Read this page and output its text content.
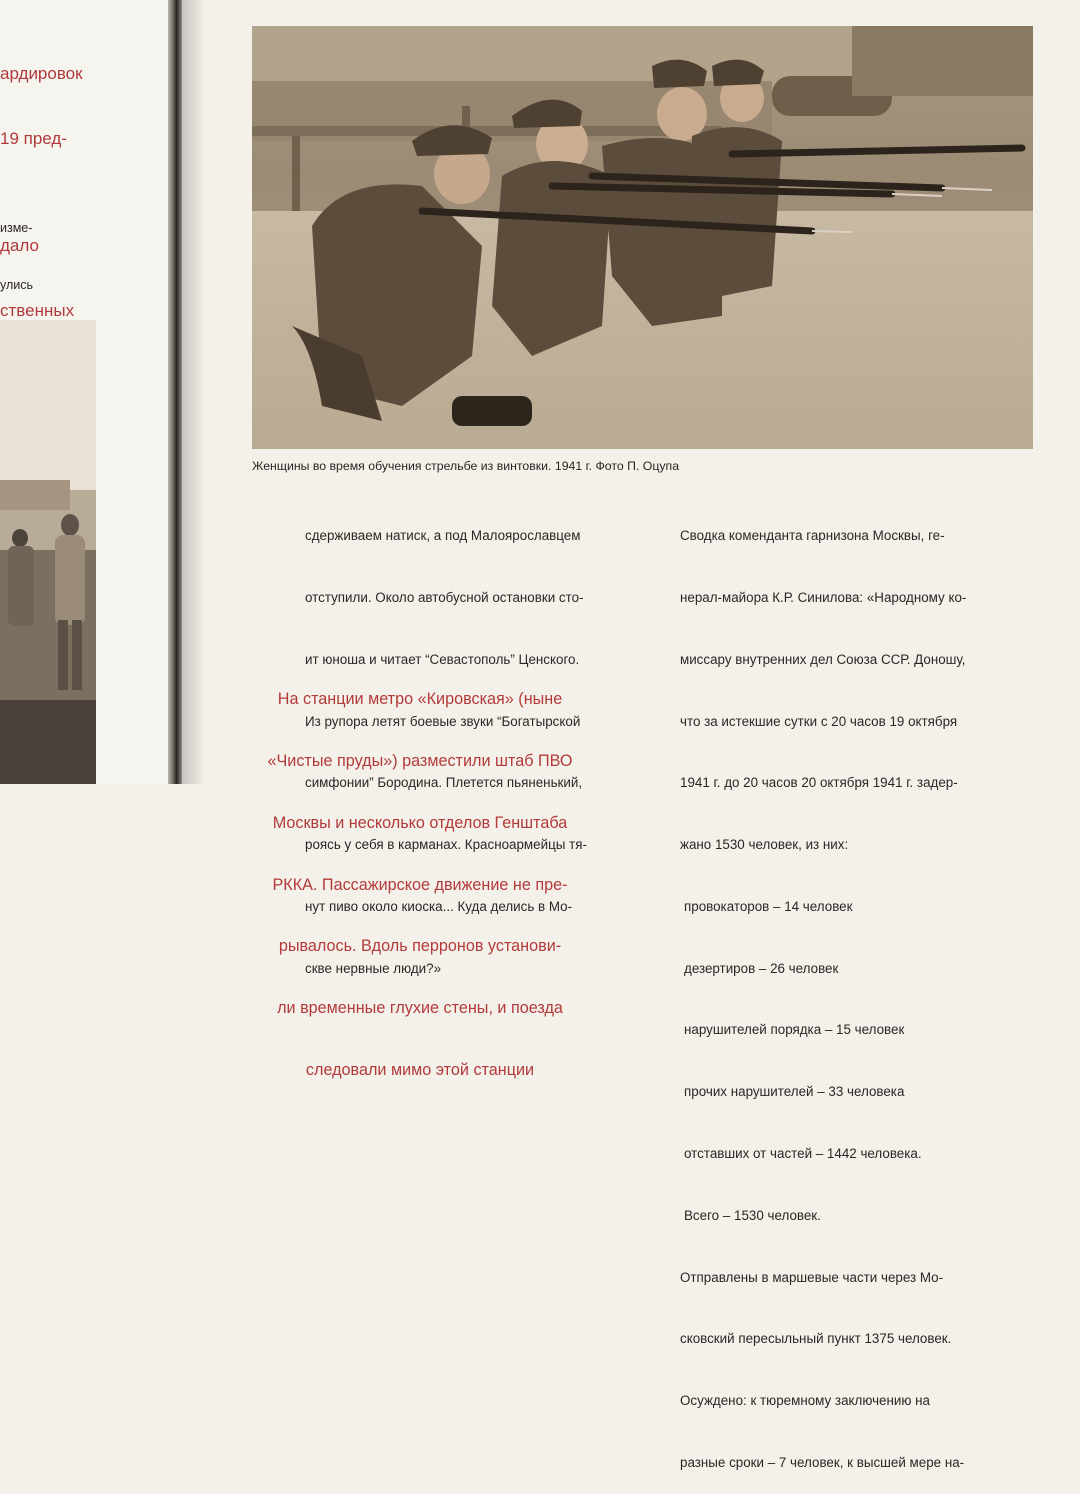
ардировок

19 пред-

дало

ственных

изме-

улись

Женщины во время обучения стрельбе из винтовки. 1941 г. Фото П. Оцупа

сдерживаем натиск, а под Малоярославцем

отступили. Около автобусной остановки сто-

ит юноша и читает “Севастополь” Ценского.

Из рупора летят боевые звуки “Богатырской

симфонии” Бородина. Плетется пьяненький,

роясь у себя в карманах. Красноармейцы тя-

нут пиво около киоска... Куда делись в Мо-

скве нервные люди?»

На станции метро «Кировская» (ныне

«Чистые пруды») разместили штаб ПВО

Москвы и несколько отделов Генштаба

РККА. Пассажирское движение не пре-

рывалось. Вдоль перронов установи-

ли временные глухие стены, и поезда

следовали мимо этой станции

Сводка коменданта гарнизона Москвы, ге-

нерал-майора К.Р. Синилова: «Народному ко-

миссару внутренних дел Союза ССР. Доношу,

что за истекшие сутки с 20 часов 19 октября

1941 г. до 20 часов 20 октября 1941 г. задер-

жано 1530 человек, из них:

провокаторов – 14 человек

дезертиров – 26 человек

нарушителей порядка – 15 человек

прочих нарушителей – 33 человека

отставших от частей – 1442 человека.

Всего – 1530 человек.

Отправлены в маршевые части через Мо-

сковский пересыльный пункт 1375 человек.

Осуждено: к тюремному заключению на

разные сроки – 7 человек, к высшей мере на-
